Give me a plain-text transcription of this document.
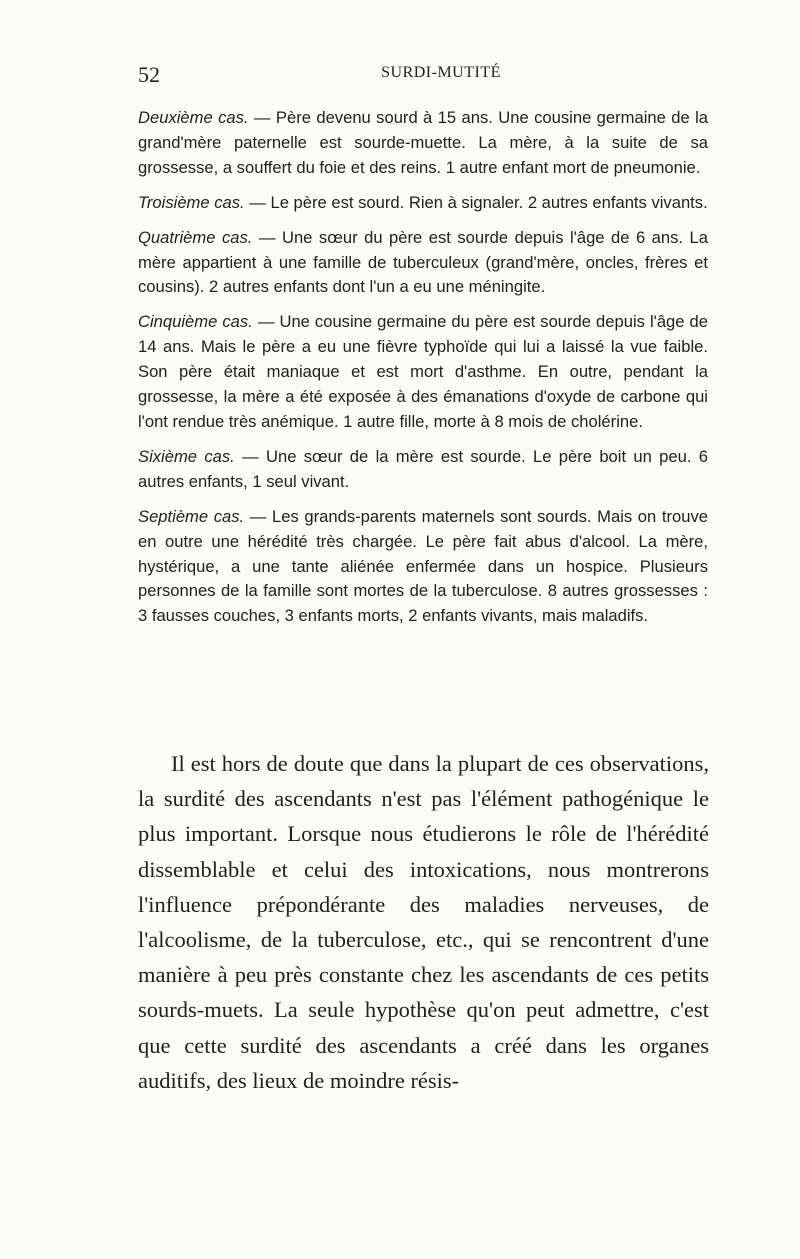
52	SURDI-MUTITÉ

Deuxième cas. — Père devenu sourd à 15 ans. Une cousine germaine de la grand'mère paternelle est sourde-muette. La mère, à la suite de sa grossesse, a souffert du foie et des reins. 1 autre enfant mort de pneumonie.

Troisième cas. — Le père est sourd. Rien à signaler. 2 autres enfants vivants.

Quatrième cas. — Une sœur du père est sourde depuis l'âge de 6 ans. La mère appartient à une famille de tuberculeux (grand'mère, oncles, frères et cousins). 2 autres enfants dont l'un a eu une méningite.

Cinquième cas. — Une cousine germaine du père est sourde depuis l'âge de 14 ans. Mais le père a eu une fièvre typhoïde qui lui a laissé la vue faible. Son père était maniaque et est mort d'asthme. En outre, pendant la grossesse, la mère a été exposée à des émanations d'oxyde de carbone qui l'ont rendue très anémique. 1 autre fille, morte à 8 mois de cholérine.

Sixième cas. — Une sœur de la mère est sourde. Le père boit un peu. 6 autres enfants, 1 seul vivant.

Septième cas. — Les grands-parents maternels sont sourds. Mais on trouve en outre une hérédité très chargée. Le père fait abus d'alcool. La mère, hystérique, a une tante aliénée enfermée dans un hospice. Plusieurs personnes de la famille sont mortes de la tuberculose. 8 autres grossesses : 3 fausses couches, 3 enfants morts, 2 enfants vivants, mais maladifs.

Il est hors de doute que dans la plupart de ces observations, la surdité des ascendants n'est pas l'élément pathogénique le plus important. Lorsque nous étudierons le rôle de l'hérédité dissemblable et celui des intoxications, nous montrerons l'influence prépondérante des maladies nerveuses, de l'alcoolisme, de la tuberculose, etc., qui se rencontrent d'une manière à peu près constante chez les ascendants de ces petits sourds-muets. La seule hypothèse qu'on peut admettre, c'est que cette surdité des ascendants a créé dans les organes auditifs, des lieux de moindre résis-
